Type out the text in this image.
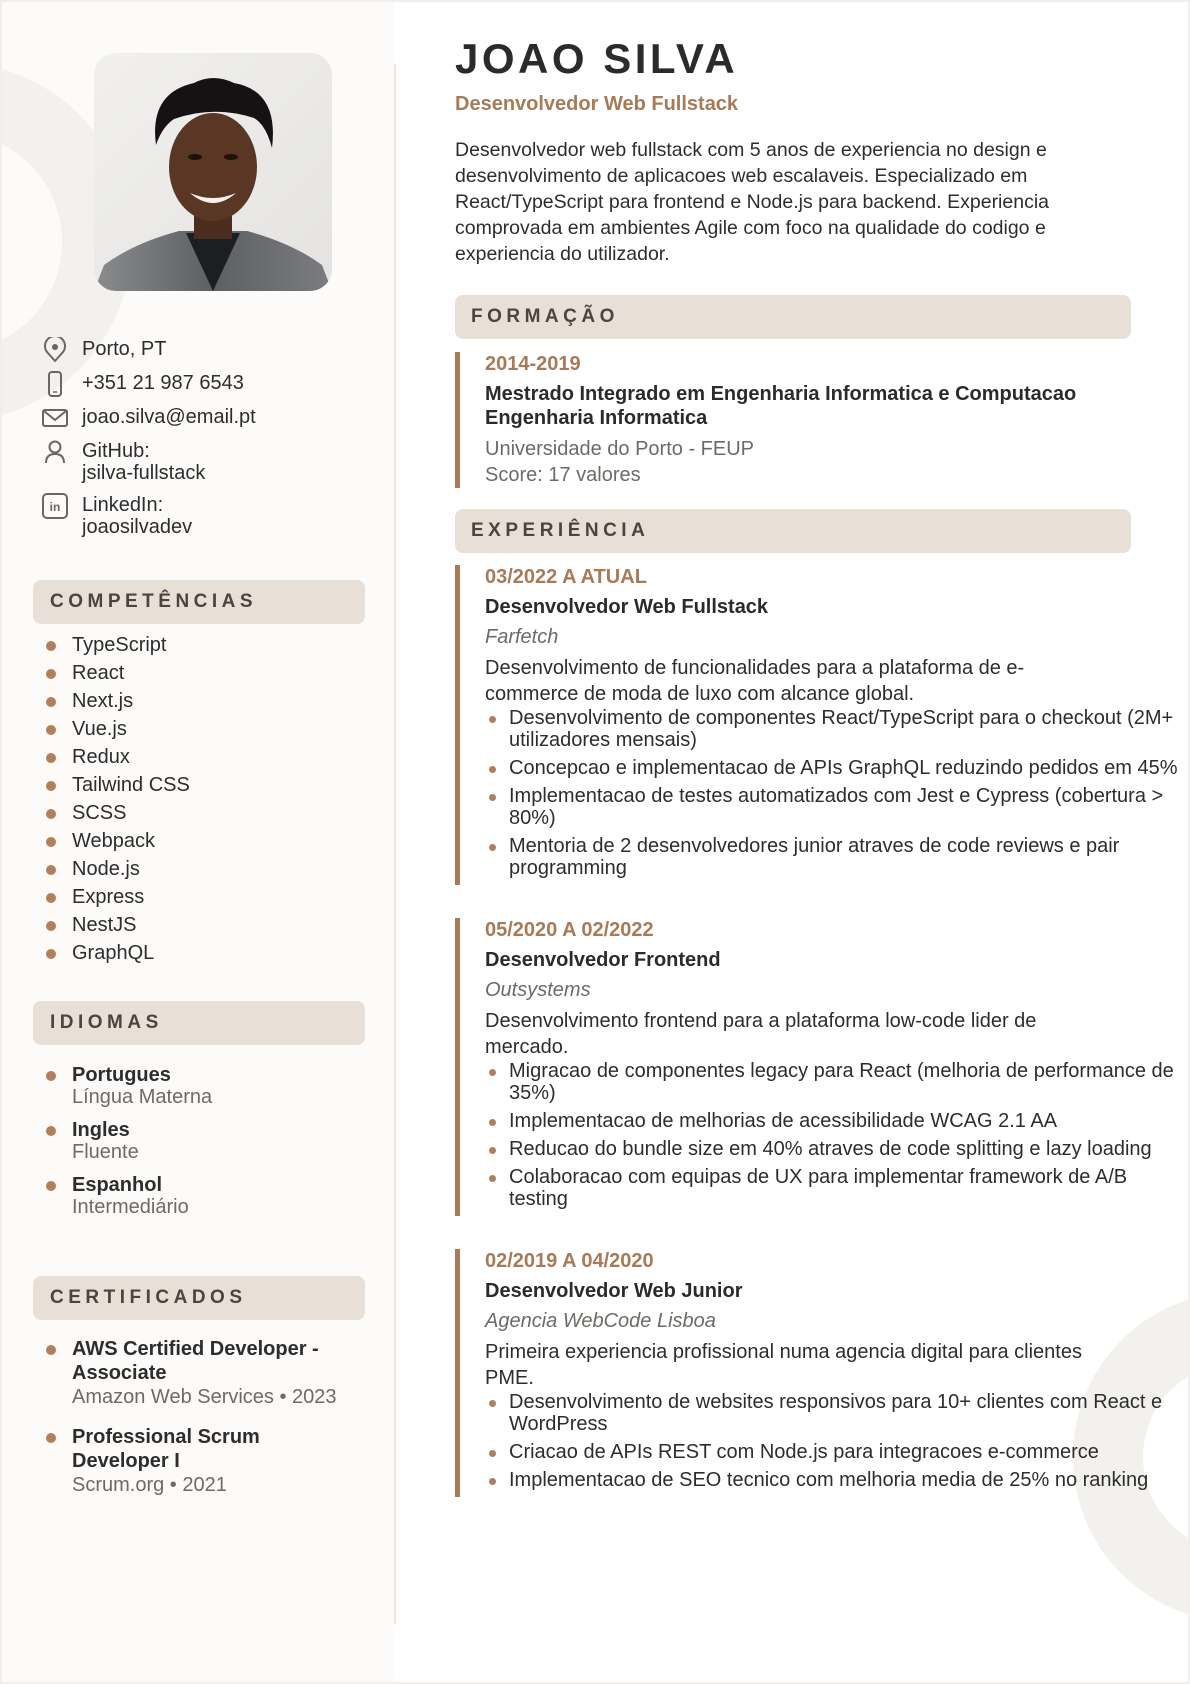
Porto, PT
+351 21 987 6543
joao.silva@email.pt
GitHub:
jsilva-fullstack
in LinkedIn:
joaosilvadev
COMPETÊNCIAS
TypeScript
React
Next.js
Vue.js
Redux
Tailwind CSS
SCSS
Webpack
Node.js
Express
NestJS
GraphQL
IDIOMAS
Portugues
Língua Materna
Ingles
Fluente
Espanhol
Intermediário
CERTIFICADOS
AWS Certified Developer - Associate
Amazon Web Services • 2023
Professional Scrum Developer I
Scrum.org • 2021
JOAO SILVA
Desenvolvedor Web Fullstack
Desenvolvedor web fullstack com 5 anos de experiencia no design e desenvolvimento de aplicacoes web escalaveis. Especializado em React/TypeScript para frontend e Node.js para backend. Experiencia comprovada em ambientes Agile com foco na qualidade do codigo e experiencia do utilizador.
FORMAÇÃO
2014-2019
Mestrado Integrado em Engenharia Informatica e Computacao Engenharia Informatica
Universidade do Porto - FEUP
Score: 17 valores
EXPERIÊNCIA
03/2022 A ATUAL
Desenvolvedor Web Fullstack
Farfetch
Desenvolvimento de funcionalidades para a plataforma de e-commerce de moda de luxo com alcance global.
Desenvolvimento de componentes React/TypeScript para o checkout (2M+ utilizadores mensais)
Concepcao e implementacao de APIs GraphQL reduzindo pedidos em 45%
Implementacao de testes automatizados com Jest e Cypress (cobertura > 80%)
Mentoria de 2 desenvolvedores junior atraves de code reviews e pair programming
05/2020 A 02/2022
Desenvolvedor Frontend
Outsystems
Desenvolvimento frontend para a plataforma low-code lider de mercado.
Migracao de componentes legacy para React (melhoria de performance de 35%)
Implementacao de melhorias de acessibilidade WCAG 2.1 AA
Reducao do bundle size em 40% atraves de code splitting e lazy loading
Colaboracao com equipas de UX para implementar framework de A/B testing
02/2019 A 04/2020
Desenvolvedor Web Junior
Agencia WebCode Lisboa
Primeira experiencia profissional numa agencia digital para clientes PME.
Desenvolvimento de websites responsivos para 10+ clientes com React e WordPress
Criacao de APIs REST com Node.js para integracoes e-commerce
Implementacao de SEO tecnico com melhoria media de 25% no ranking
